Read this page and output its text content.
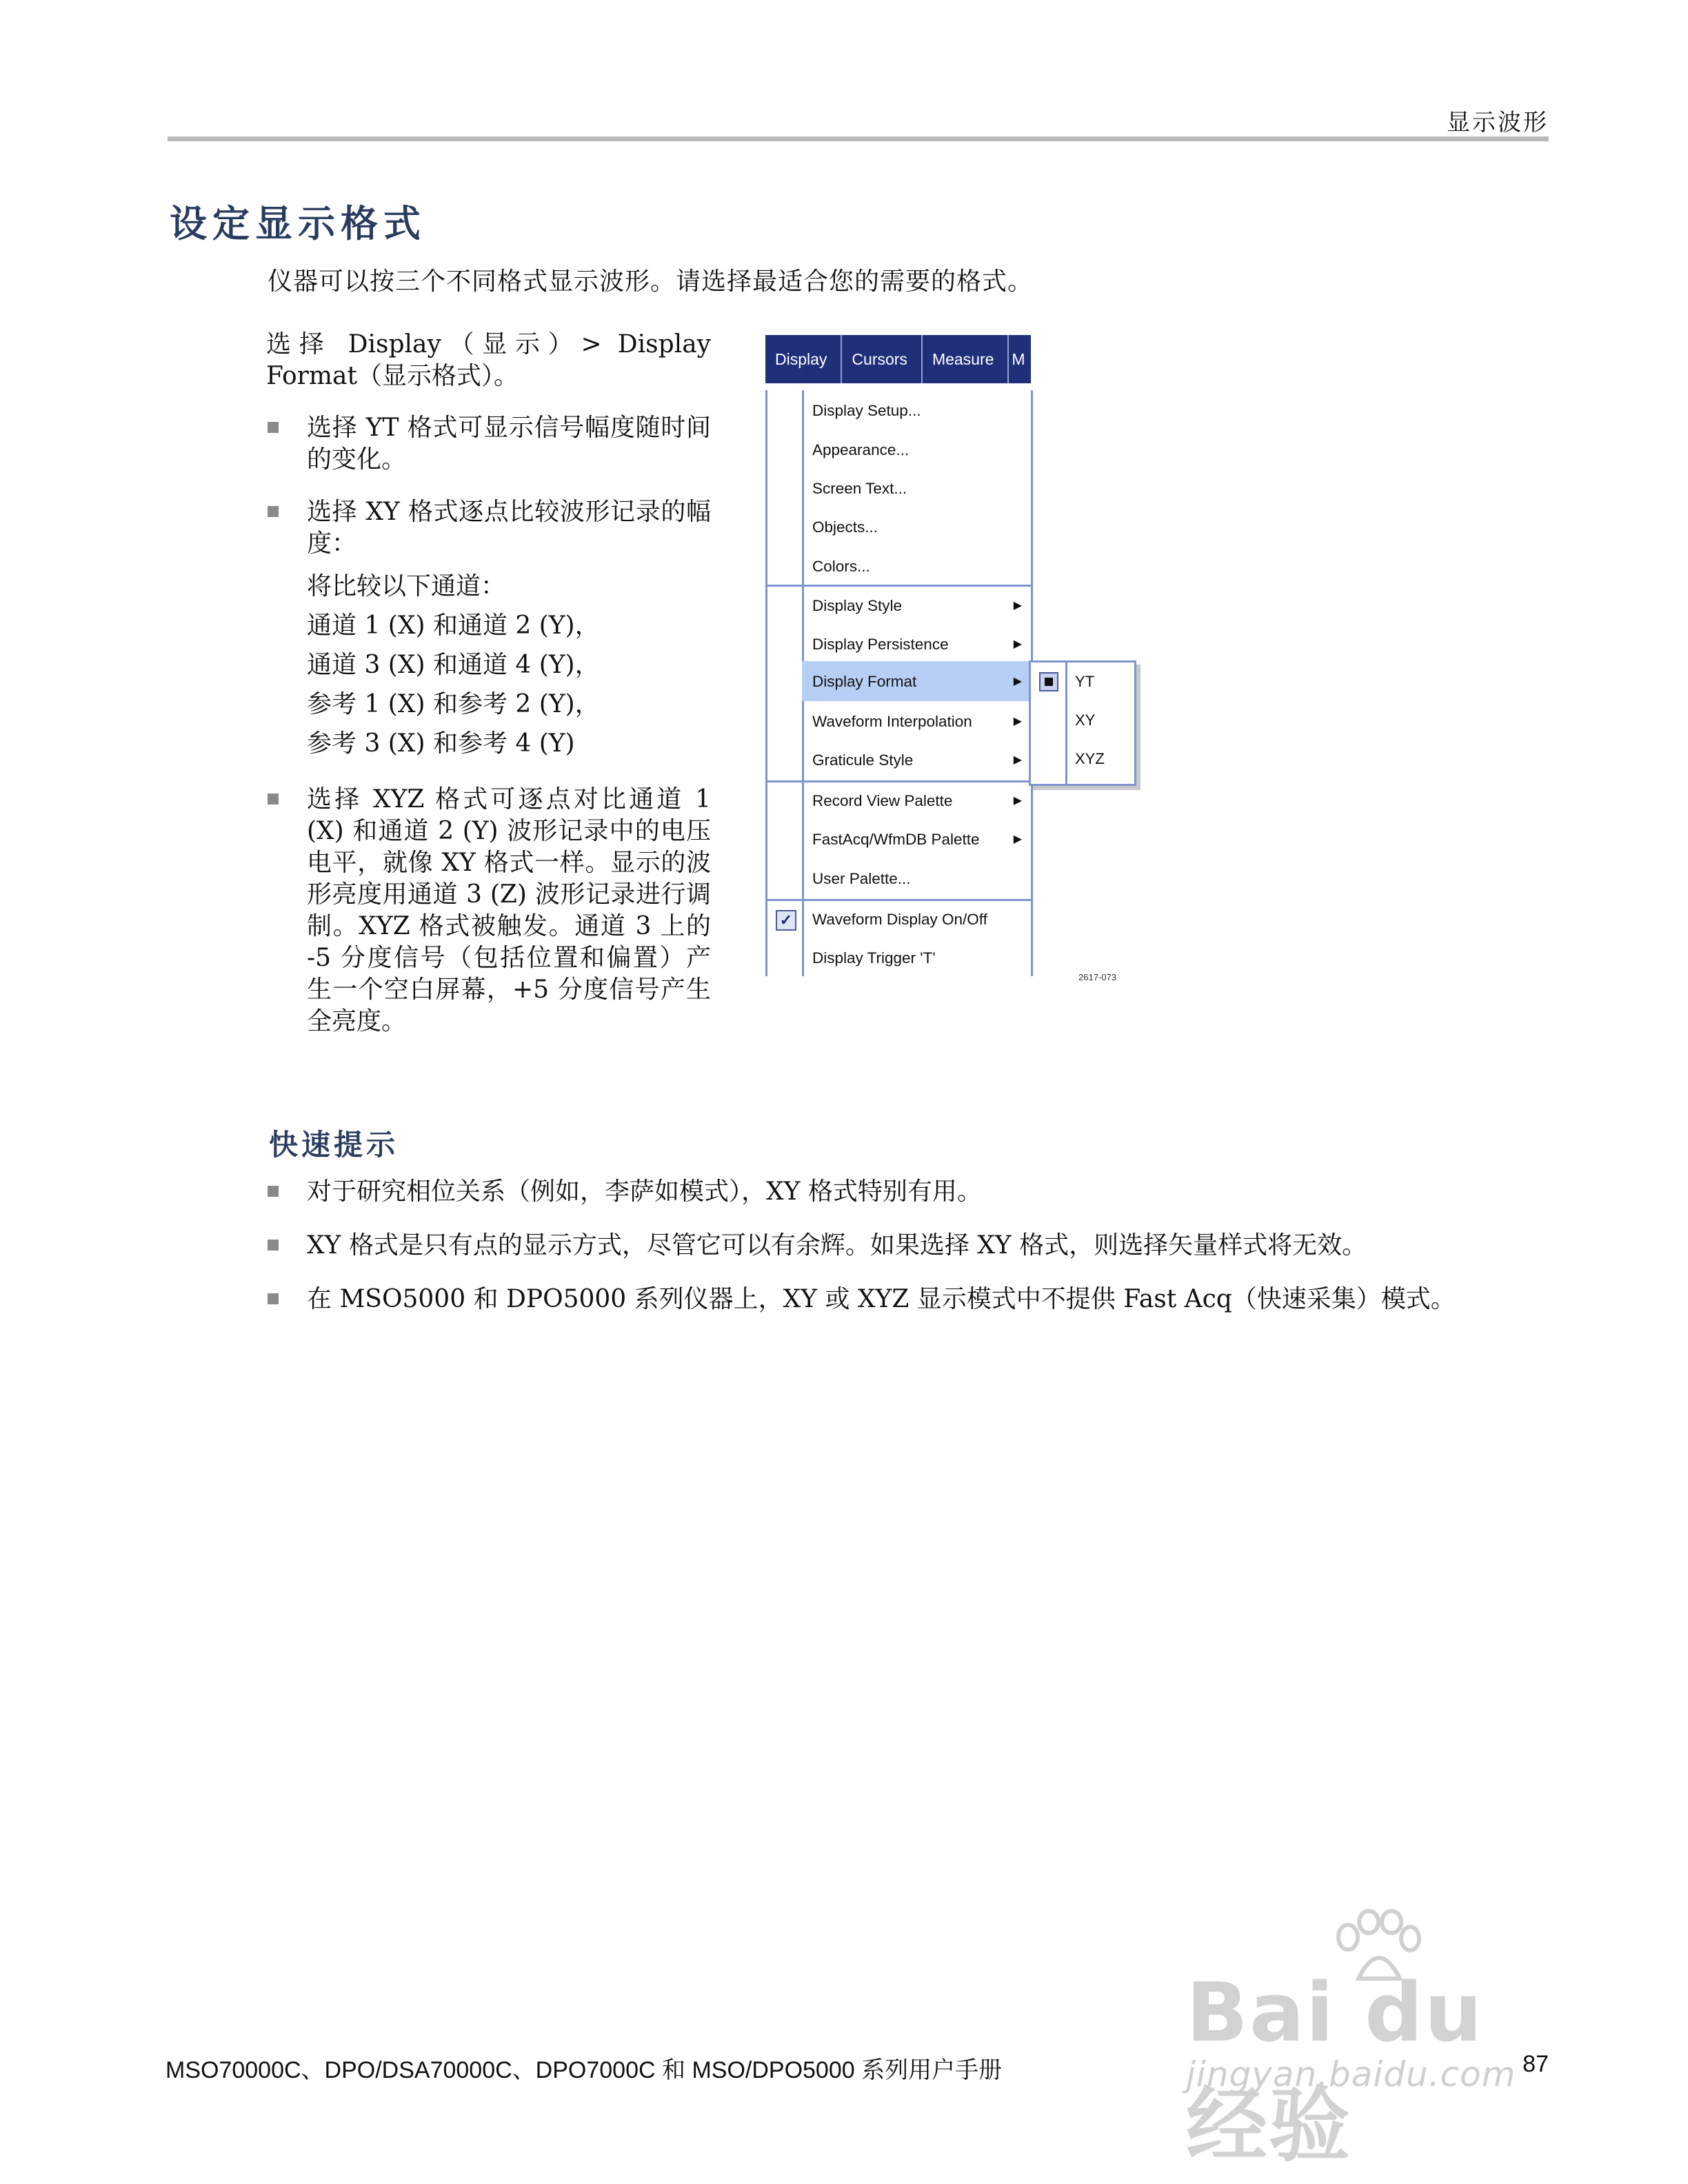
显示波形
设定显示格式
仪器可以按三个不同格式显示波形。请选择最适合您的需要的格式。
选择 Display（显示）> Display
Format（显示格式）。
选择 YT 格式可显示信号幅度随时间的变化。
选择 XY 格式逐点比较波形记录的幅度：
将比较以下通道：
通道 1 (X) 和通道 2 (Y)，
通道 3 (X) 和通道 4 (Y)，
参考 1 (X) 和参考 2 (Y)，
参考 3 (X) 和参考 4 (Y)
选择 XYZ 格式可逐点对比通道 1 (X) 和通道 2 (Y) 波形记录中的电压电平，就像 XY 格式一样。显示的波形亮度用通道 3 (Z) 波形记录进行调制。XYZ 格式被触发。通道 3 上的 -5 分度信号（包括位置和偏置）产生一个空白屏幕，+5 分度信号产生全亮度。
Display	Cursors	Measure	M
Display Setup...
Appearance...
Screen Text...
Objects...
Colors...
Display Style	▶
Display Persistence	▶
Display Format	▶
Waveform Interpolation	▶
Graticule Style	▶
Record View Palette	▶
FastAcq/WfmDB Palette	▶
User Palette...
✓ Waveform Display On/Off
Display Trigger 'T'
YT
XY
XYZ
2617-073
快速提示
对于研究相位关系（例如，李萨如模式），XY 格式特别有用。
XY 格式是只有点的显示方式，尽管它可以有余辉。如果选择 XY 格式，则选择矢量样式将无效。
在 MSO5000 和 DPO5000 系列仪器上，XY 或 XYZ 显示模式中不提供 Fast Acq（快速采集）模式。
Bai du 经验
jingyan.baidu.com
MSO70000C、DPO/DSA70000C、DPO7000C 和 MSO/DPO5000 系列用户手册	87
